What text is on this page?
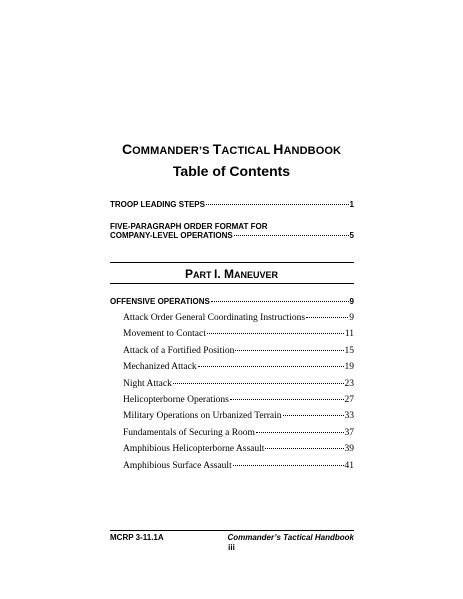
COMMANDER’S TACTICAL HANDBOOK
Table of Contents
TROOP LEADING STEPS	1
FIVE-PARAGRAPH ORDER FORMAT FOR
COMPANY-LEVEL OPERATIONS	5
PART I. MANEUVER
OFFENSIVE OPERATIONS	9
Attack Order General Coordinating Instructions	9
Movement to Contact	11
Attack of a Fortified Position	15
Mechanized Attack	19
Night Attack	23
Helicopterborne Operations	27
Military Operations on Urbanized Terrain	33
Fundamentals of Securing a Room	37
Amphibious Helicopterborne Assault	39
Amphibious Surface Assault	41
MCRP 3-11.1A	Commander’s Tactical Handbook
iii
